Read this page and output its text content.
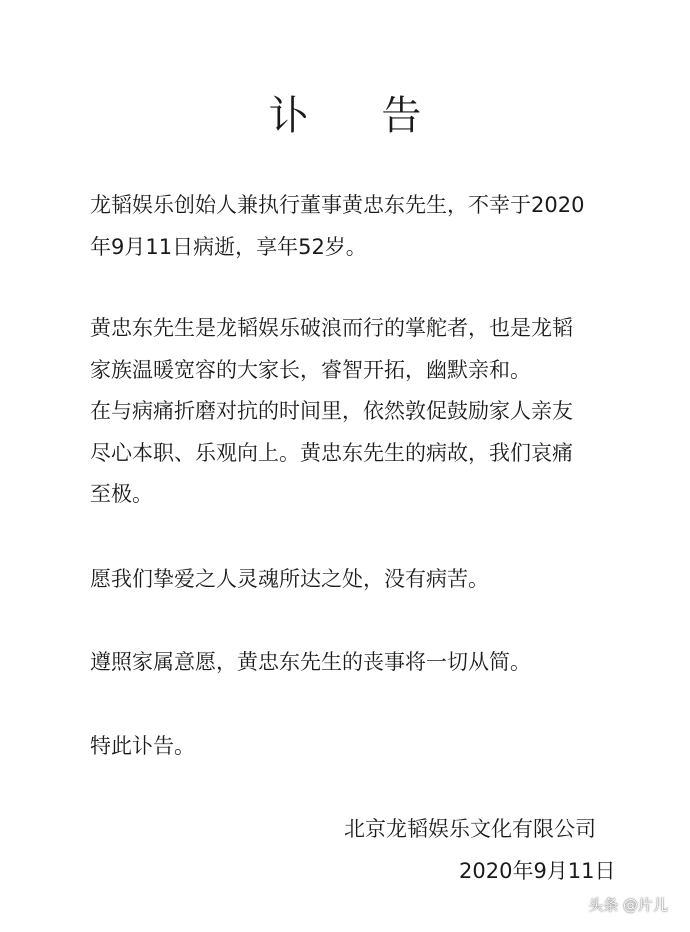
讣 告

龙韬娱乐创始人兼执行董事黄忠东先生，不幸于2020

年9月11日病逝，享年52岁。

黄忠东先生是龙韬娱乐破浪而行的掌舵者，也是龙韬

家族温暖宽容的大家长，睿智开拓，幽默亲和。

在与病痛折磨对抗的时间里，依然敦促鼓励家人亲友

尽心本职、乐观向上。黄忠东先生的病故，我们哀痛

至极。

愿我们挚爱之人灵魂所达之处，没有病苦。

遵照家属意愿，黄忠东先生的丧事将一切从简。

特此讣告。

北京龙韬娱乐文化有限公司

2020年9月11日

头条 @片儿
